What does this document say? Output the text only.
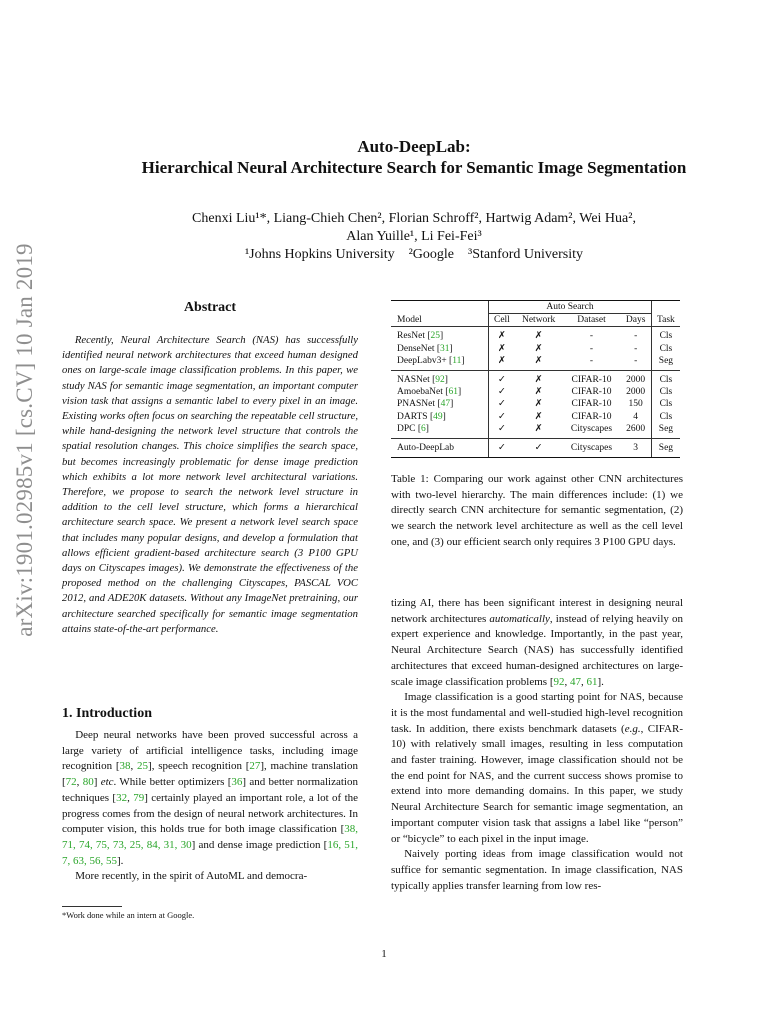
arXiv:1901.02985v1 [cs.CV] 10 Jan 2019
Auto-DeepLab:
Hierarchical Neural Architecture Search for Semantic Image Segmentation
Chenxi Liu¹*, Liang-Chieh Chen², Florian Schroff², Hartwig Adam², Wei Hua²,
Alan Yuille¹, Li Fei-Fei³
¹Johns Hopkins University    ²Google    ³Stanford University
Abstract
Recently, Neural Architecture Search (NAS) has successfully identified neural network architectures that exceed human designed ones on large-scale image classification problems. In this paper, we study NAS for semantic image segmentation, an important computer vision task that assigns a semantic label to every pixel in an image. Existing works often focus on searching the repeatable cell structure, while hand-designing the network level structure that controls the spatial resolution changes. This choice simplifies the search space, but becomes increasingly problematic for dense image prediction which exhibits a lot more network level architectural variations. Therefore, we propose to search the network level structure in addition to the cell level structure, which forms a hierarchical architecture search space. We present a network level search space that includes many popular designs, and develop a formulation that allows efficient gradient-based architecture search (3 P100 GPU days on Cityscapes images). We demonstrate the effectiveness of the proposed method on the challenging Cityscapes, PASCAL VOC 2012, and ADE20K datasets. Without any ImageNet pretraining, our architecture searched specifically for semantic image segmentation attains state-of-the-art performance.
1. Introduction

Deep neural networks have been proved successful across a large variety of artificial intelligence tasks, including image recognition [38, 25], speech recognition [27], machine translation [72, 80] etc. While better optimizers [36] and better normalization techniques [32, 79] certainly played an important role, a lot of the progress comes from the design of neural network architectures. In computer vision, this holds true for both image classification [38, 71, 74, 75, 73, 25, 84, 31, 30] and dense image prediction [16, 51, 7, 63, 56, 55].

More recently, in the spirit of AutoML and democra-

*Work done while an intern at Google.
	Auto Search				
Model	Cell	Network	Dataset	Days	Task
ResNet [25]	✗	✗	-	-	Cls
DenseNet [31]	✗	✗	-	-	Cls
DeepLabv3+ [11]	✗	✗	-	-	Seg
NASNet [92]	✓	✗	CIFAR-10	2000	Cls
AmoebaNet [61]	✓	✗	CIFAR-10	2000	Cls
PNASNet [47]	✓	✗	CIFAR-10	150	Cls
DARTS [49]	✓	✗	CIFAR-10	4	Cls
DPC [6]	✓	✗	Cityscapes	2600	Seg
Auto-DeepLab	✓	✓	Cityscapes	3	Seg
Table 1: Comparing our work against other CNN architectures with two-level hierarchy. The main differences include: (1) we directly search CNN architecture for semantic segmentation, (2) we search the network level architecture as well as the cell level one, and (3) our efficient search only requires 3 P100 GPU days.

tizing AI, there has been significant interest in designing neural network architectures automatically, instead of relying heavily on expert experience and knowledge. Importantly, in the past year, Neural Architecture Search (NAS) has successfully identified architectures that exceed human-designed architectures on large-scale image classification problems [92, 47, 61].

Image classification is a good starting point for NAS, because it is the most fundamental and well-studied high-level recognition task. In addition, there exists benchmark datasets (e.g., CIFAR-10) with relatively small images, resulting in less computation and faster training. However, image classification should not be the end point for NAS, and the current success shows promise to extend into more demanding domains. In this paper, we study Neural Architecture Search for semantic image segmentation, an important computer vision task that assigns a label like “person” or “bicycle” to each pixel in the input image.

Naively porting ideas from image classification would not suffice for semantic segmentation. In image classification, NAS typically applies transfer learning from low res-

1
